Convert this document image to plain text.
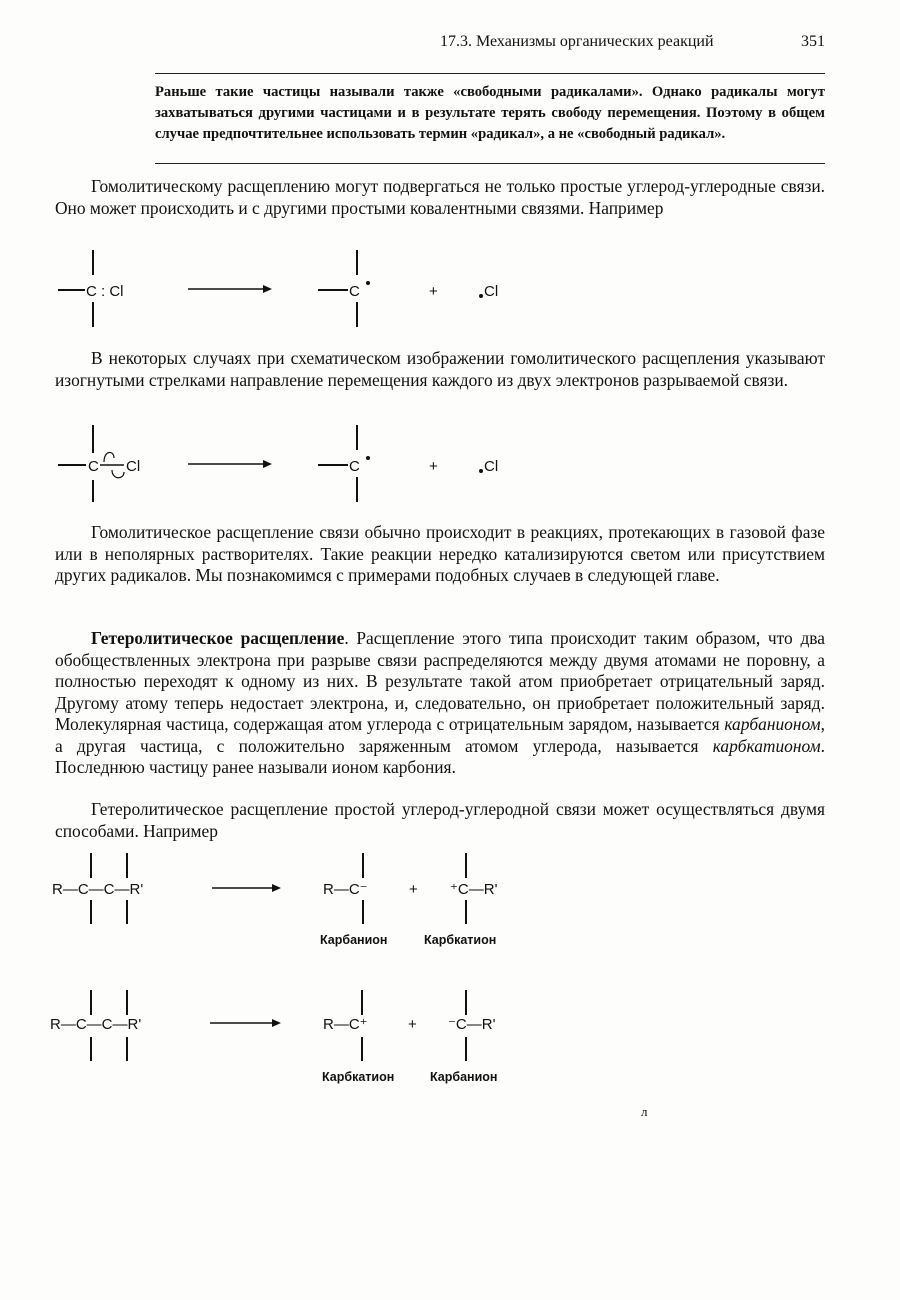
17.3. Механизмы органических реакций	351
Раньше такие частицы называли также «свободными радикалами». Однако радикалы могут захватываться другими частицами и в результате терять свободу перемещения. Поэтому в общем случае предпочтительнее использовать термин «радикал», а не «свободный радикал».

Гомолитическому расщеплению могут подвергаться не только простые углерод-углеродные связи. Оно может происходить и с другими простыми ковалентными связями. Например

C : Cl	C	+	Cl

В некоторых случаях при схематическом изображении гомолитического расщепления указывают изогнутыми стрелками направление перемещения каждого из двух электронов разрываемой связи.

C Cl	C	+	Cl

Гомолитическое расщепление связи обычно происходит в реакциях, протекающих в газовой фазе или в неполярных растворителях. Такие реакции нередко катализируются светом или присутствием других радикалов. Мы познакомимся с примерами подобных случаев в следующей главе.

Гетеролитическое расщепление. Расщепление этого типа происходит таким образом, что два обобществленных электрона при разрыве связи распределяются между двумя атомами не поровну, а полностью переходят к одному из них. В результате такой атом приобретает отрицательный заряд. Другому атому теперь недостает электрона, и, следовательно, он приобретает положительный заряд. Молекулярная частица, содержащая атом углерода с отрицательным зарядом, называется карбанионом, а другая частица, с положительно заряженным атомом углерода, называется карбкатионом. Последнюю частицу ранее называли ионом карбония.

Гетеролитическое расщепление простой углерод-углеродной связи может осуществляться двумя способами. Например

R—C—C—R'	R—C⁻	+ ⁺C—R'
Карбанион	Карбкатион
R—C—C—R'	R—C⁺	+ ⁻C—R'
Карбкатион	Карбанион
л
